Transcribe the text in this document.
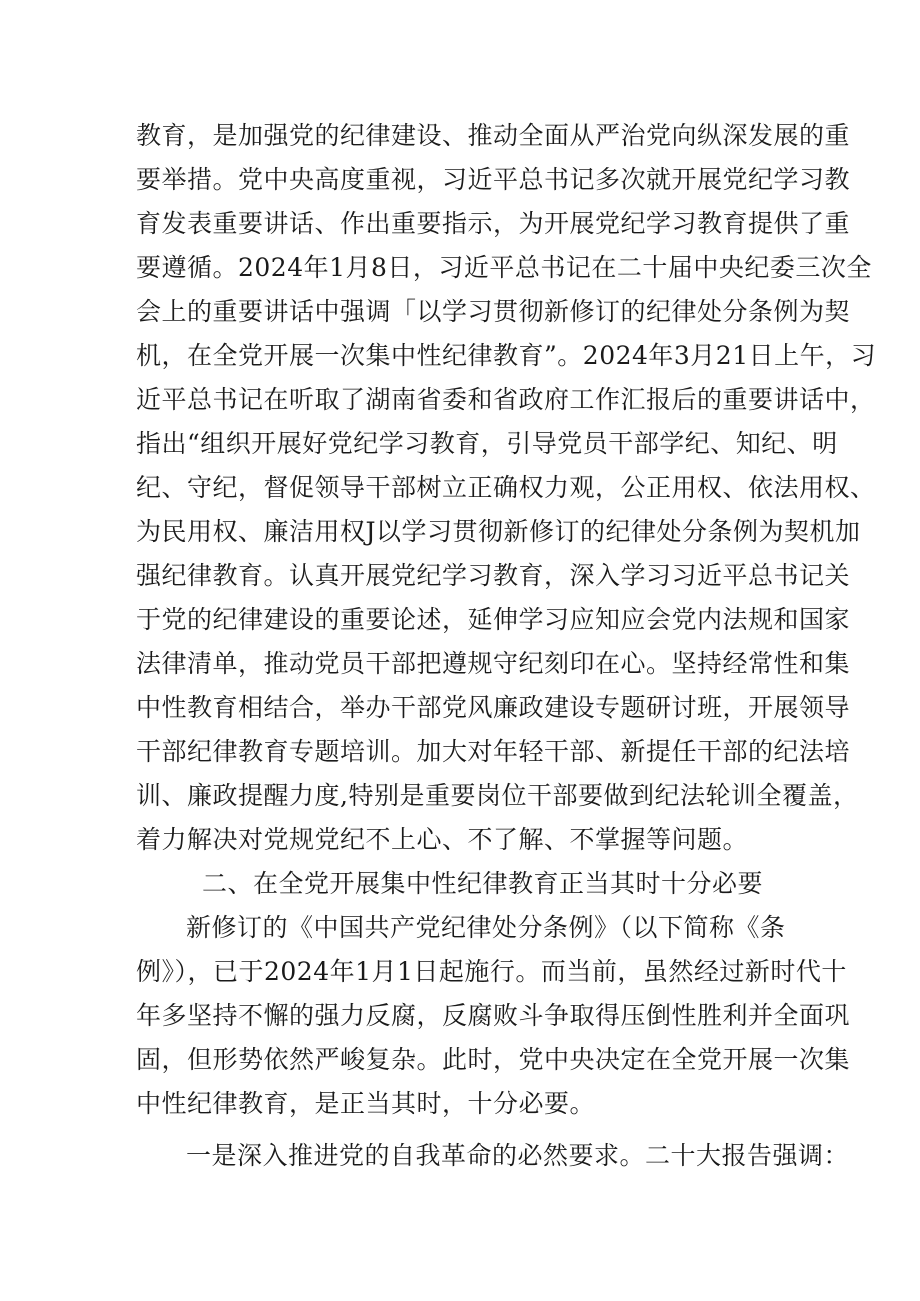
教育，是加强党的纪律建设、推动全面从严治党向纵深发展的重
要举措。党中央高度重视，习近平总书记多次就开展党纪学习教
育发表重要讲话、作出重要指示，为开展党纪学习教育提供了重
要遵循。2024年1月8日，习近平总书记在二十届中央纪委三次全
会上的重要讲话中强调「以学习贯彻新修订的纪律处分条例为契
机，在全党开展一次集中性纪律教育”。2024年3月21日上午，习
近平总书记在听取了湖南省委和省政府工作汇报后的重要讲话中，
指出“组织开展好党纪学习教育，引导党员干部学纪、知纪、明
纪、守纪，督促领导干部树立正确权力观，公正用权、依法用权、
为民用权、廉洁用权J以学习贯彻新修订的纪律处分条例为契机加
强纪律教育。认真开展党纪学习教育，深入学习习近平总书记关
于党的纪律建设的重要论述，延伸学习应知应会党内法规和国家
法律清单，推动党员干部把遵规守纪刻印在心。坚持经常性和集
中性教育相结合，举办干部党风廉政建设专题研讨班，开展领导
干部纪律教育专题培训。加大对年轻干部、新提任干部的纪法培
训、廉政提醒力度,特别是重要岗位干部要做到纪法轮训全覆盖，
着力解决对党规党纪不上心、不了解、不掌握等问题。
二、在全党开展集中性纪律教育正当其时十分必要
新修订的《中国共产党纪律处分条例》（以下简称《条
例》），已于2024年1月1日起施行。而当前，虽然经过新时代十
年多坚持不懈的强力反腐，反腐败斗争取得压倒性胜利并全面巩
固，但形势依然严峻复杂。此时，党中央决定在全党开展一次集
中性纪律教育，是正当其时，十分必要。
一是深入推进党的自我革命的必然要求。二十大报告强调：
